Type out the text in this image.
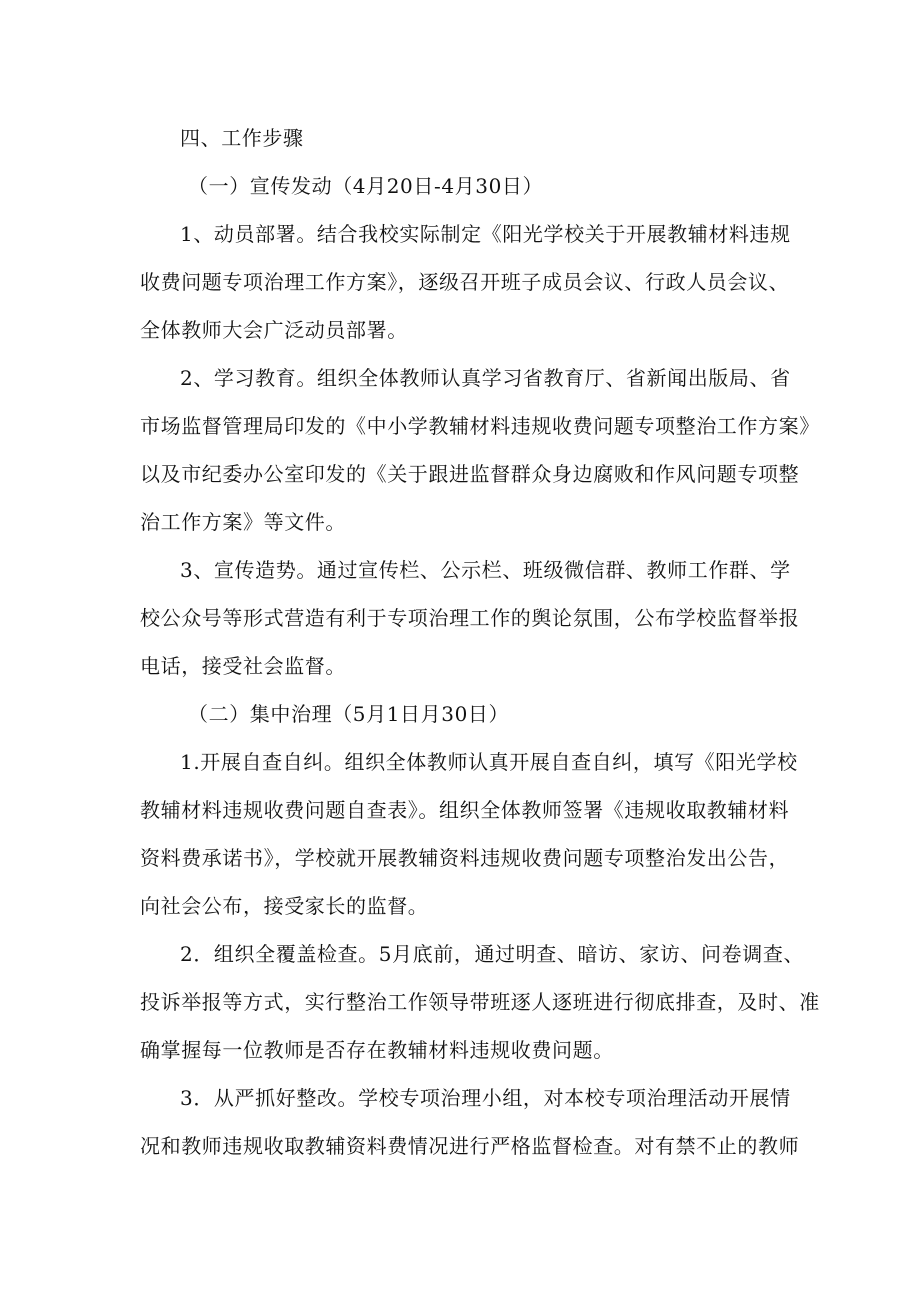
四、工作步骤

（一）宣传发动（4月20日-4月30日）

1、动员部署。结合我校实际制定《阳光学校关于开展教辅材料违规

收费问题专项治理工作方案》，逐级召开班子成员会议、行政人员会议、

全体教师大会广泛动员部署。

2、学习教育。组织全体教师认真学习省教育厅、省新闻出版局、省

市场监督管理局印发的《中小学教辅材料违规收费问题专项整治工作方案》

以及市纪委办公室印发的《关于跟进监督群众身边腐败和作风问题专项整

治工作方案》等文件。

3、宣传造势。通过宣传栏、公示栏、班级微信群、教师工作群、学

校公众号等形式营造有利于专项治理工作的舆论氛围，公布学校监督举报

电话，接受社会监督。

（二）集中治理（5月1日月30日）

1.开展自查自纠。组织全体教师认真开展自查自纠，填写《阳光学校

教辅材料违规收费问题自查表》。组织全体教师签署《违规收取教辅材料

资料费承诺书》，学校就开展教辅资料违规收费问题专项整治发出公告，

向社会公布，接受家长的监督。

2．组织全覆盖检查。5月底前，通过明查、暗访、家访、问卷调查、

投诉举报等方式，实行整治工作领导带班逐人逐班进行彻底排查，及时、准

确掌握每一位教师是否存在教辅材料违规收费问题。

3．从严抓好整改。学校专项治理小组，对本校专项治理活动开展情

况和教师违规收取教辅资料费情况进行严格监督检查。对有禁不止的教师
